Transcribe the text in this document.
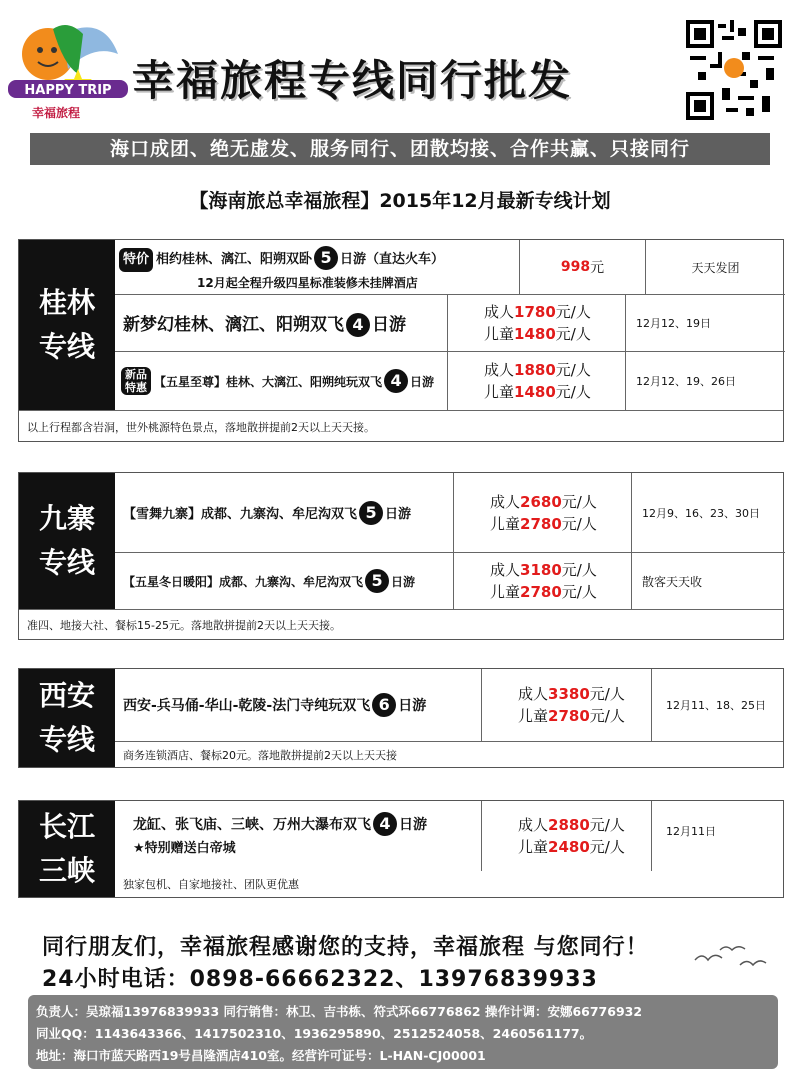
HAPPY TRIP
幸福旅程
幸福旅程专线同行批发
海口成团、绝无虚发、服务同行、团散均接、合作共赢、只接同行
【海南旅总幸福旅程】2015年12月最新专线计划
桂林
专线
特价 相约桂林、漓江、阳朔双卧 5 日游（直达火车）
12月起全程升级四星标准装修未挂牌酒店
998 元	天天发团
新梦幻桂林、漓江、阳朔双飞 4 日游
成人1780元/人
儿童1480元/人
12月12、19日
新品
特惠 【五星至尊】桂林、大漓江、阳朔纯玩双飞 4 日游
成人1880元/人
儿童1480元/人
12月12、19、26日
以上行程都含岩洞，世外桃源特色景点，落地散拼提前2天以上天天接。
九寨
专线
【雪舞九寨】成都、九寨沟、牟尼沟双飞 5 日游
成人2680元/人
儿童2780元/人
12月9、16、23、30日
【五星冬日暖阳】成都、九寨沟、牟尼沟双飞 5 日游
成人3180元/人
儿童2780元/人
散客天天收
准四、地接大社、餐标15-25元。落地散拼提前2天以上天天接。
西安
专线
西安-兵马俑-华山-乾陵-法门寺纯玩双飞 6 日游
成人3380元/人
儿童2780元/人
12月11、18、25日
商务连锁酒店、餐标20元。落地散拼提前2天以上天天接
长江
三峡
龙缸、张飞庙、三峡、万州大瀑布双飞 4 日游
★特别赠送白帝城
成人2880元/人
儿童2480元/人
12月11日
独家包机、自家地接社、团队更优惠
同行朋友们，幸福旅程感谢您的支持，幸福旅程 与您同行！
24小时电话：0898-66662322、13976839933
负责人：吴琼福13976839933 同行销售：林卫、吉书栋、符式环66776862 操作计调：安娜66776932
同业QQ：1143643366、1417502310、1936295890、2512524058、2460561177。
地址：海口市蓝天路西19号昌隆酒店410室。经营许可证号：L-HAN-CJ00001
